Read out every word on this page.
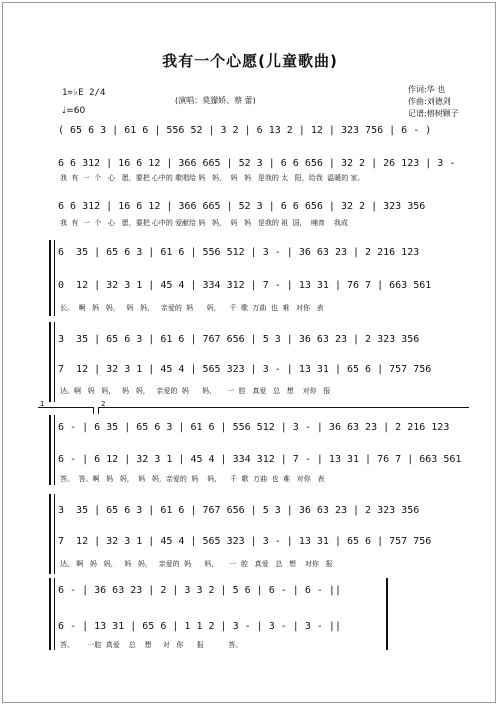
我有一个心愿(儿童歌曲)
1=♭E 2/4
♩=60
(演唱：莫獴娇、蔡 蕾)
作词:华 也
作曲:刘德剑
记谱:榕树颗子
( 65 6 3 | 61 6 | 556 52 | 3 2 | 6 13 2 | 12 | 323 756 | 6 - )
6 6 312 | 16 6 12 | 366 665 | 52 3 | 6 6 656 | 32 2 | 26 123 | 3 -
我  有  一  个   心   愿，要把 心中的 歌唱给 妈   妈，  妈   妈   是我的 太   阳，给我  温暖的 家。
6 6 312 | 16 6 12 | 366 665 | 52 3 | 6 6 656 | 32 2 | 323 356
我  有  一  个   心   愿，要把 心中的 爱献给 妈   妈，  妈   妈   是我的 祖  国，  哺育    我成
6  35 | 65 6 3 | 61 6 | 556 512 | 3 - | 36 63 23 | 2 216 123
0  12 | 32 3 1 | 45 4 | 334 312 | 7 - | 13 31 | 76 7 | 663 561
长。  啊   妈   妈，   妈   妈，   亲爱的  妈      妈，    千  歌  万曲  也  难   对你   表
3  35 | 65 6 3 | 61 6 | 767 656 | 5 3 | 36 63 23 | 2 323 356
7  12 | 32 3 1 | 45 4 | 565 323 | 3 - | 13 31 | 65 6 | 757 756
达。啊   妈   妈，   妈   妈，   亲爱的  妈      妈，     一  腔   真爱   总   想    对你   报
1	2
6 - | 6 35 | 65 6 3 | 61 6 | 556 512 | 3 - | 36 63 23 | 2 216 123
6 - | 6 12 | 32 3 1 | 45 4 | 334 312 | 7 - | 13 31 | 76 7 | 663 561
答。  答。啊   妈   妈，  妈   妈，亲爱的  妈    妈，    千  歌  万曲  也  难   对你   表
3  35 | 65 6 3 | 61 6 | 767 656 | 5 3 | 36 63 23 | 2 323 356
7  12 | 32 3 1 | 45 4 | 565 323 | 3 - | 13 31 | 65 6 | 757 756
达。 啊   妈   妈，   妈   妈，   亲爱的  妈      妈，     一  腔   真爱   总   想    对你   报
6 - | 36 63 23 | 2 | 3 3 2 | 5 6 | 6 - | 6 - ||
6 - | 13 31 | 65 6 | 1 1 2 | 3 - | 3 - | 3 - ||
答。      一腔  真爱    总    想     对   你      报           答。
